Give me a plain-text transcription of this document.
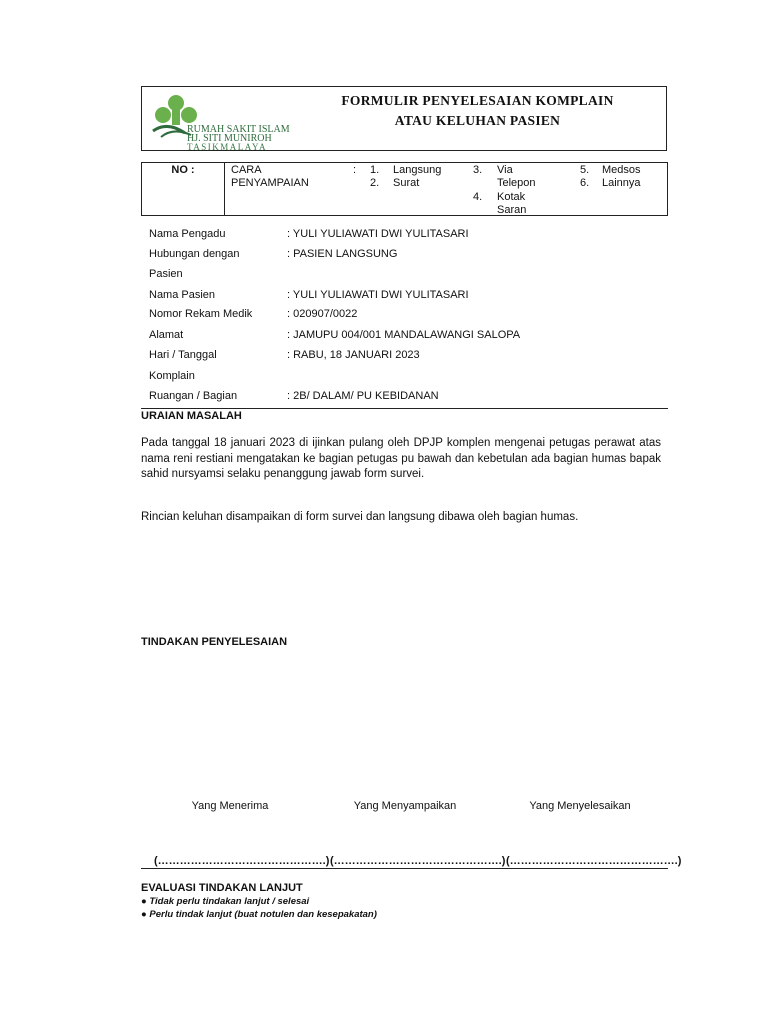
RUMAH SAKIT ISLAM
HJ. SITI MUNIROH
TASIKMALAYA
FORMULIR PENYELESAIAN KOMPLAIN
ATAU KELUHAN PASIEN
NO :	CARA PENYAMPAIAN
: 1. Langsung
2. Surat
3. Via Telepon
4. Kotak Saran
5. Medsos
6. Lainnya
Nama Pengadu	: YULI YULIAWATI DWI YULITASARI
Hubungan dengan
Pasien
: PASIEN LANGSUNG
Nama Pasien	: YULI YULIAWATI DWI YULITASARI
Nomor Rekam Medik	: 020907/0022
Alamat	: JAMUPU 004/001 MANDALAWANGI SALOPA
Hari / Tanggal
Komplain
: RABU, 18 JANUARI 2023
Ruangan / Bagian	: 2B/ DALAM/ PU KEBIDANAN
URAIAN MASALAH
Pada tanggal 18 januari 2023 di ijinkan pulang oleh DPJP komplen mengenai petugas perawat atas nama reni restiani mengatakan ke bagian petugas pu bawah dan kebetulan ada bagian humas bapak sahid nursyamsi selaku penanggung jawab form survei.
Rincian keluhan disampaikan di form survei dan langsung dibawa oleh bagian humas.
TINDAKAN PENYELESAIAN
Yang Menerima	Yang Menyampaikan	Yang Menyelesaikan
(……………………………………….) (……………………………………….) (……………………………………….)
EVALUASI TINDAKAN LANJUT
● Tidak perlu tindakan lanjut / selesai
● Perlu tindak lanjut (buat notulen dan kesepakatan)
